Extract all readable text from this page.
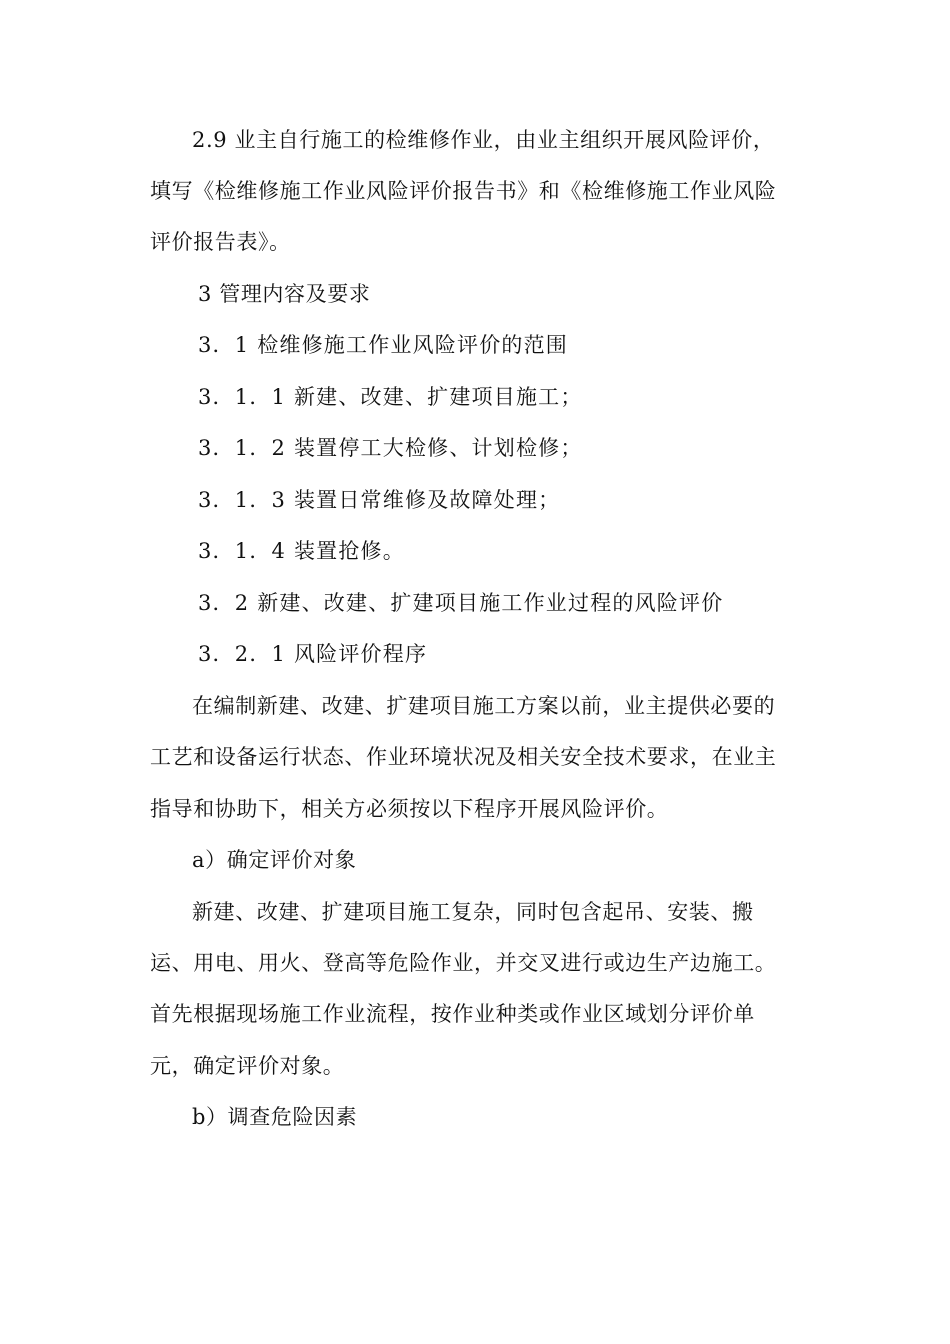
2.9 业主自行施工的检维修作业，由业主组织开展风险评价，
填写《检维修施工作业风险评价报告书》和《检维修施工作业风险
评价报告表》。
3 管理内容及要求
3．1 检维修施工作业风险评价的范围
3．1．1 新建、改建、扩建项目施工；
3．1．2 装置停工大检修、计划检修；
3．1．3 装置日常维修及故障处理；
3．1．4 装置抢修。
3．2 新建、改建、扩建项目施工作业过程的风险评价
3．2．1 风险评价程序
在编制新建、改建、扩建项目施工方案以前，业主提供必要的
工艺和设备运行状态、作业环境状况及相关安全技术要求，在业主
指导和协助下，相关方必须按以下程序开展风险评价。
a）确定评价对象
新建、改建、扩建项目施工复杂，同时包含起吊、安装、搬
运、用电、用火、登高等危险作业，并交叉进行或边生产边施工。
首先根据现场施工作业流程，按作业种类或作业区域划分评价单
元，确定评价对象。
b）调查危险因素
